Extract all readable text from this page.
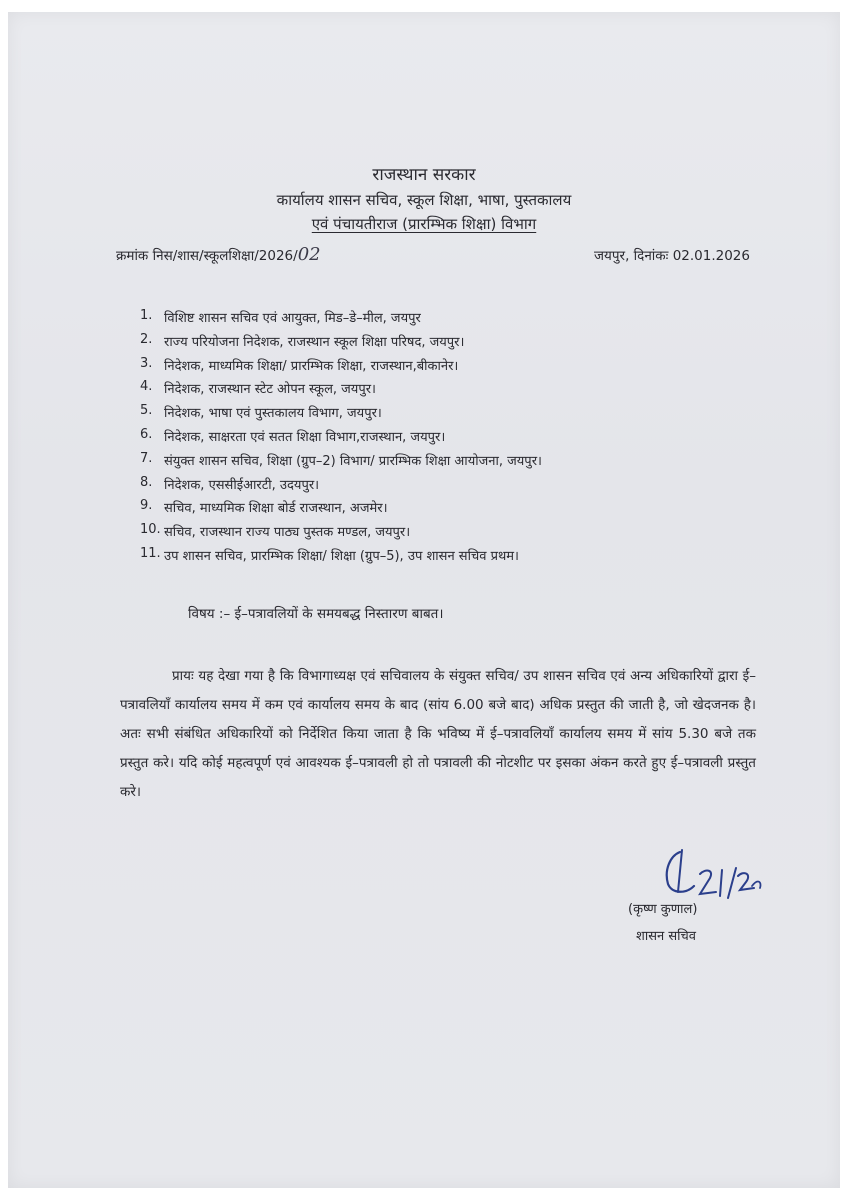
राजस्थान सरकार
कार्यालय शासन सचिव, स्कूल शिक्षा, भाषा, पुस्तकालय
एवं पंचायतीराज (प्रारम्भिक शिक्षा) विभाग
क्रमांक निस/शास/स्कूलशिक्षा/2026/02	जयपुर, दिनांकः 02.01.2026
1. विशिष्ट शासन सचिव एवं आयुक्त, मिड–डे–मील, जयपुर
2. राज्य परियोजना निदेशक, राजस्थान स्कूल शिक्षा परिषद, जयपुर।
3. निदेशक, माध्यमिक शिक्षा/ प्रारम्भिक शिक्षा, राजस्थान,बीकानेर।
4. निदेशक, राजस्थान स्टेट ओपन स्कूल, जयपुर।
5. निदेशक, भाषा एवं पुस्तकालय विभाग, जयपुर।
6. निदेशक, साक्षरता एवं सतत शिक्षा विभाग,राजस्थान, जयपुर।
7. संयुक्त शासन सचिव, शिक्षा (ग्रुप–2) विभाग/ प्रारम्भिक शिक्षा आयोजना, जयपुर।
8. निदेशक, एससीईआरटी, उदयपुर।
9. सचिव, माध्यमिक शिक्षा बोर्ड राजस्थान, अजमेर।
10. सचिव, राजस्थान राज्य पाठ्य पुस्तक मण्डल, जयपुर।
11. उप शासन सचिव, प्रारम्भिक शिक्षा/ शिक्षा (ग्रुप–5), उप शासन सचिव प्रथम।
विषय :– ई–पत्रावलियों के समयबद्ध निस्तारण बाबत।

प्रायः यह देखा गया है कि विभागाध्यक्ष एवं सचिवालय के संयुक्त सचिव/ उप शासन सचिव एवं अन्य अधिकारियों द्वारा ई–पत्रावलियॉं कार्यालय समय में कम एवं कार्यालय समय के बाद (सांय 6.00 बजे बाद) अधिक प्रस्तुत की जाती है, जो खेदजनक है। अतः सभी संबंधित अधिकारियों को निर्देशित किया जाता है कि भविष्य में ई–पत्रावलियॉं कार्यालय समय में सांय 5.30 बजे तक प्रस्तुत करे। यदि कोई महत्वपूर्ण एवं आवश्यक ई–पत्रावली हो तो पत्रावली की नोटशीट पर इसका अंकन करते हुए ई–पत्रावली प्रस्तुत करे।

(कृष्ण कुणाल)
शासन सचिव
